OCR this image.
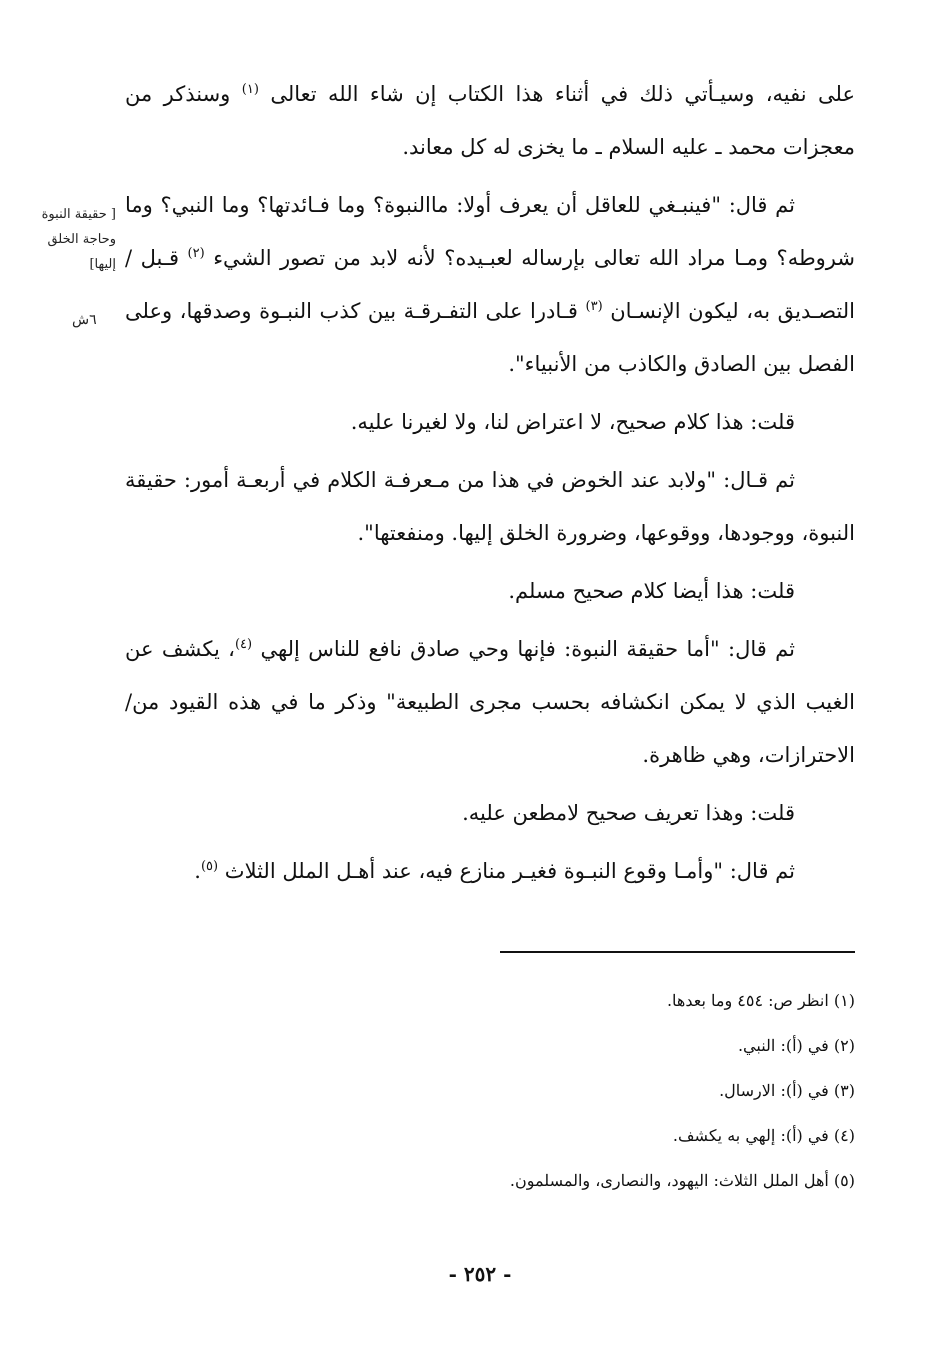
على نفيه، وسيـأتي ذلك في أثناء هذا الكتاب إن شاء الله تعالى $^{(١)}$ وسنذكر من معجزات محمد ـ عليه السلام ـ ما يخزى له كل معاند.

ثم قال: "فينبـغي للعاقل أن يعرف أولا: ماالنبوة؟ وما فـائدتها؟ وما النبي؟ وما شروطه؟ ومـا مراد الله تعالى بإرساله لعبـيده؟ لأنه لابد من تصور الشيء $^{(٢)}$ قـبل / التصـديق به، ليكون الإنسـان $^{(٣)}$ قـادرا على التفـرقـة بين كذب النبـوة وصدقها، وعلى الفصل بين الصادق والكاذب من الأنبياء".

قلت: هذا كلام صحيح، لا اعتراض لنا، ولا لغيرنا عليه.

ثم قـال: "ولابد عند الخوض في هذا من مـعرفـة الكلام في أربعـة أمور: حقيقة النبوة، ووجودها، ووقوعها، وضرورة الخلق إليها. ومنفعتها".

قلت: هذا أيضا كلام صحيح مسلم.

ثم قال: "أما حقيقة النبوة: فإنها وحي صادق نافع للناس إلهي $^{(٤)}$، يكشف عن الغيب الذي لا يمكن انكشافه بحسب مجرى الطبيعة" وذكر ما في هذه القيود من/ الاحترازات، وهي ظاهرة.

قلت: وهذا تعريف صحيح لامطعن عليه.

ثم قال: "وأمـا وقوع النبـوة فغيـر منازع فيه، عند أهـل الملل الثلاث $^{(٥)}$.

[ حقيقة النبوة
وحاجة الخلق
إليها]
٦ش

(١) انظر ص: ٤٥٤ وما بعدها.

(٢) في (أ): النبي.

(٣) في (أ): الارسال.

(٤) في (أ): إلهي به يكشف.

(٥) أهل الملل الثلاث: اليهود، والنصارى، والمسلمون.

- ٢٥٢ -
